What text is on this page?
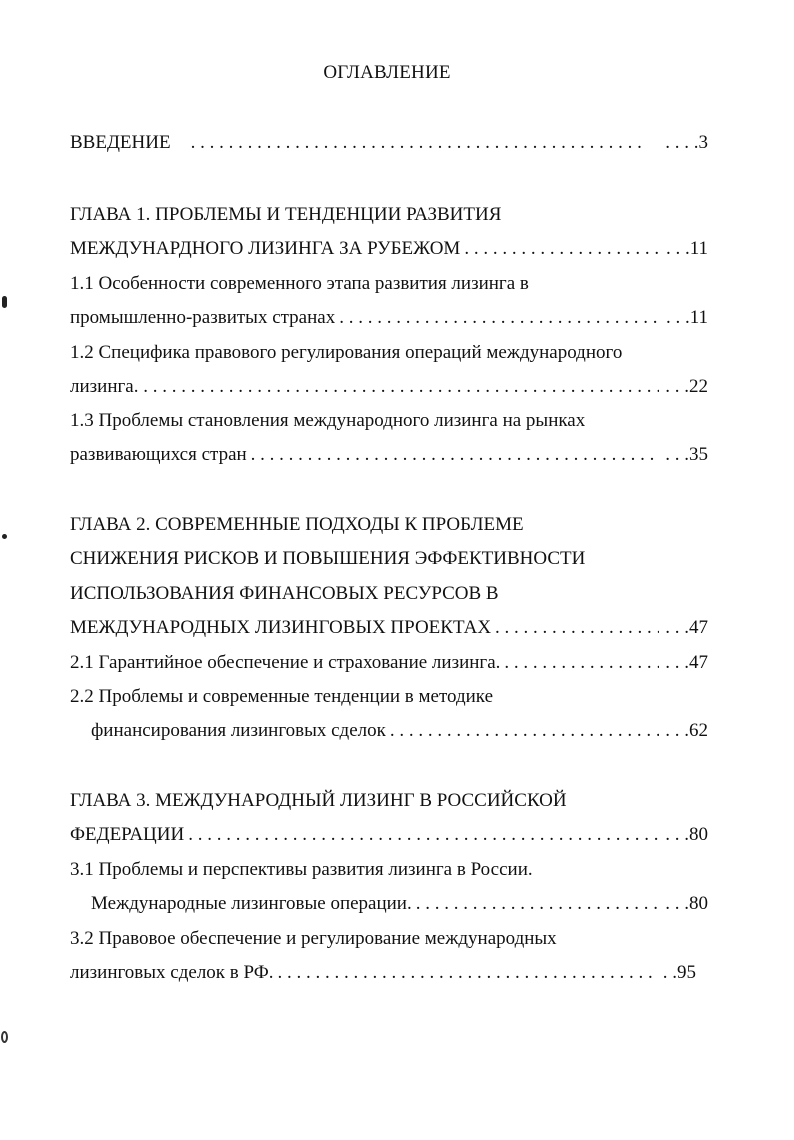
ОГЛАВЛЕНИЕ
ВВЕДЕНИЕ . . .	. . . .3
ГЛАВА 1. ПРОБЛЕМЫ И ТЕНДЕНЦИИ РАЗВИТИЯ
МЕЖДУНАРДНОГО ЛИЗИНГА ЗА РУБЕЖОМ . . .	. . .11
1.1 Особенности современного этапа развития лизинга в
промышленно-развитых странах . . .	. . .11
1.2 Специфика правового регулирования операций международного
лизинга . . .	. . .22
1.3 Проблемы становления международного лизинга на рынках
развивающихся стран . . .	. . .35
ГЛАВА 2. СОВРЕМЕННЫЕ ПОДХОДЫ К ПРОБЛЕМЕ
СНИЖЕНИЯ РИСКОВ И ПОВЫШЕНИЯ ЭФФЕКТИВНОСТИ
ИСПОЛЬЗОВАНИЯ ФИНАНСОВЫХ РЕСУРСОВ В
МЕЖДУНАРОДНЫХ ЛИЗИНГОВЫХ ПРОЕКТАХ . . .	. . .47
2.1 Гарантийное обеспечение и страхование лизинга. . . .	. . .47
2.2 Проблемы и современные тенденции в методике
финансирования лизинговых сделок . . .	. . .62
ГЛАВА 3. МЕЖДУНАРОДНЫЙ ЛИЗИНГ В РОССИЙСКОЙ
ФЕДЕРАЦИИ . . .	. . .80
3.1 Проблемы и перспективы развития лизинга в России.
Международные лизинговые операции. . . .	. . .80
3.2 Правовое обеспечение и регулирование международных
лизинговых сделок в РФ. . . .	. .95
